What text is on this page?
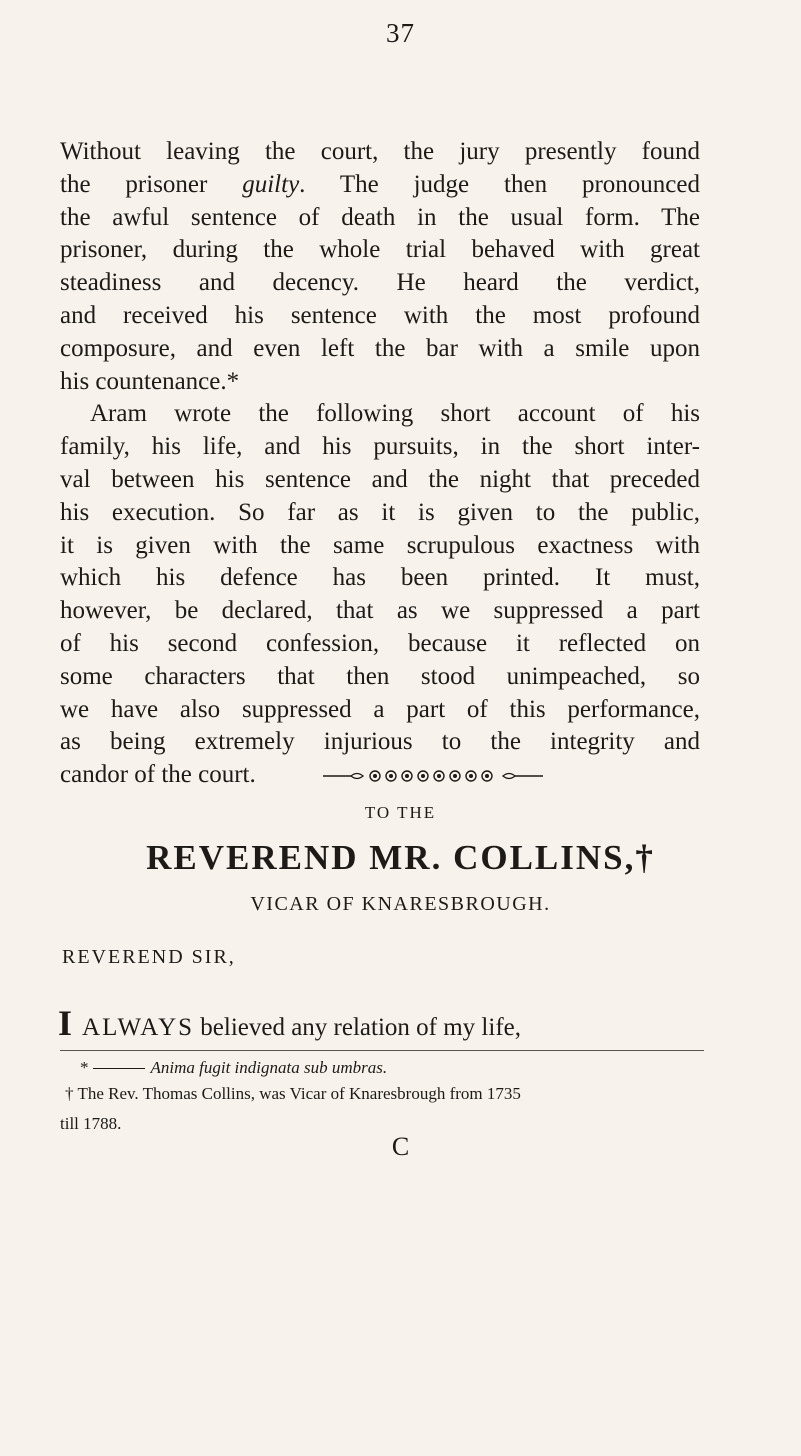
37
Without leaving the court, the jury presently found
the prisoner guilty. The judge then pronounced
the awful sentence of death in the usual form. The
prisoner, during the whole trial behaved with great
steadiness and decency. He heard the verdict,
and received his sentence with the most profound
composure, and even left the bar with a smile upon
his countenance.*
Aram wrote the following short account of his
family, his life, and his pursuits, in the short inter-
val between his sentence and the night that preceded
his execution. So far as it is given to the public,
it is given with the same scrupulous exactness with
which his defence has been printed. It must,
however, be declared, that as we suppressed a part
of his second confession, because it reflected on
some characters that then stood unimpeached, so
we have also suppressed a part of this performance,
as being extremely injurious to the integrity and
candor of the court.
TO THE
REVEREND MR. COLLINS,†
VICAR OF KNARESBROUGH.
REVEREND SIR,
I ALWAYS believed any relation of my life,
*	Anima fugit indignata sub umbras.
† The Rev. Thomas Collins, was Vicar of Knaresbrough from 1735
till 1788.
C
